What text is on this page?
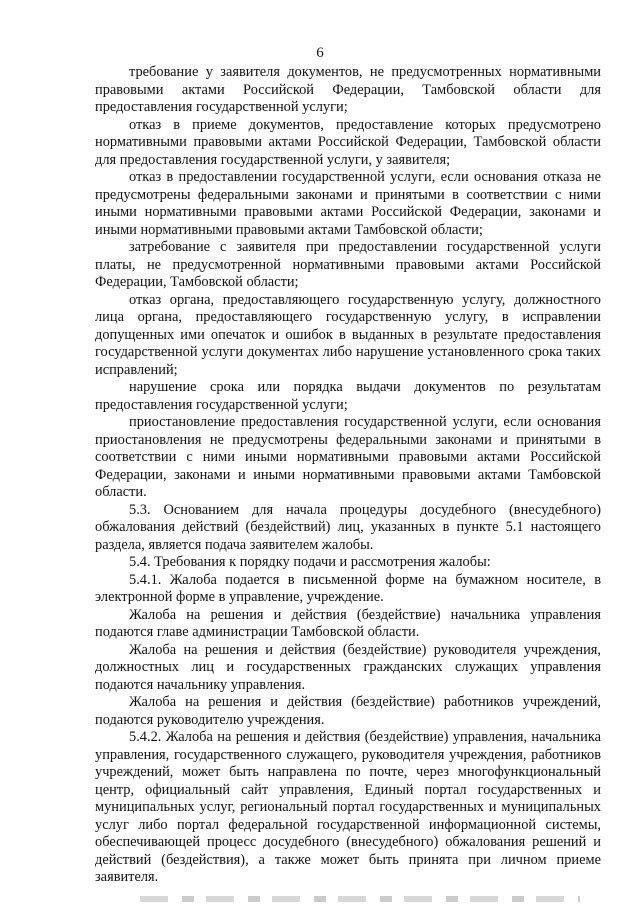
6

требование у заявителя документов, не предусмотренных нормативными правовыми актами Российской Федерации, Тамбовской области для предоставления государственной услуги;

отказ в приеме документов, предоставление которых предусмотрено нормативными правовыми актами Российской Федерации, Тамбовской области для предоставления государственной услуги, у заявителя;

отказ в предоставлении государственной услуги, если основания отказа не предусмотрены федеральными законами и принятыми в соответствии с ними иными нормативными правовыми актами Российской Федерации, законами и иными нормативными правовыми актами Тамбовской области;

затребование с заявителя при предоставлении государственной услуги платы, не предусмотренной нормативными правовыми актами Российской Федерации, Тамбовской области;

отказ органа, предоставляющего государственную услугу, должностного лица органа, предоставляющего государственную услугу, в исправлении допущенных ими опечаток и ошибок в выданных в результате предоставления государственной услуги документах либо нарушение установленного срока таких исправлений;

нарушение срока или порядка выдачи документов по результатам предоставления государственной услуги;

приостановление предоставления государственной услуги, если основания приостановления не предусмотрены федеральными законами и принятыми в соответствии с ними иными нормативными правовыми актами Российской Федерации, законами и иными нормативными правовыми актами Тамбовской области.

5.3. Основанием для начала процедуры досудебного (внесудебного) обжалования действий (бездействий) лиц, указанных в пункте 5.1 настоящего раздела, является подача заявителем жалобы.

5.4. Требования к порядку подачи и рассмотрения жалобы:

5.4.1. Жалоба подается в письменной форме на бумажном носителе, в электронной форме в управление, учреждение.

Жалоба на решения и действия (бездействие) начальника управления подаются главе администрации Тамбовской области.

Жалоба на решения и действия (бездействие) руководителя учреждения, должностных лиц и государственных гражданских служащих управления подаются начальнику управления.

Жалоба на решения и действия (бездействие) работников учреждений, подаются руководителю учреждения.

5.4.2. Жалоба на решения и действия (бездействие) управления, начальника управления, государственного служащего, руководителя учреждения, работников учреждений, может быть направлена по почте, через многофункциональный центр, официальный сайт управления, Единый портал государственных и муниципальных услуг, региональный портал государственных и муниципальных услуг либо портал федеральной государственной информационной системы, обеспечивающей процесс досудебного (внесудебного) обжалования решений и действий (бездействия), а также может быть принята при личном приеме заявителя.
